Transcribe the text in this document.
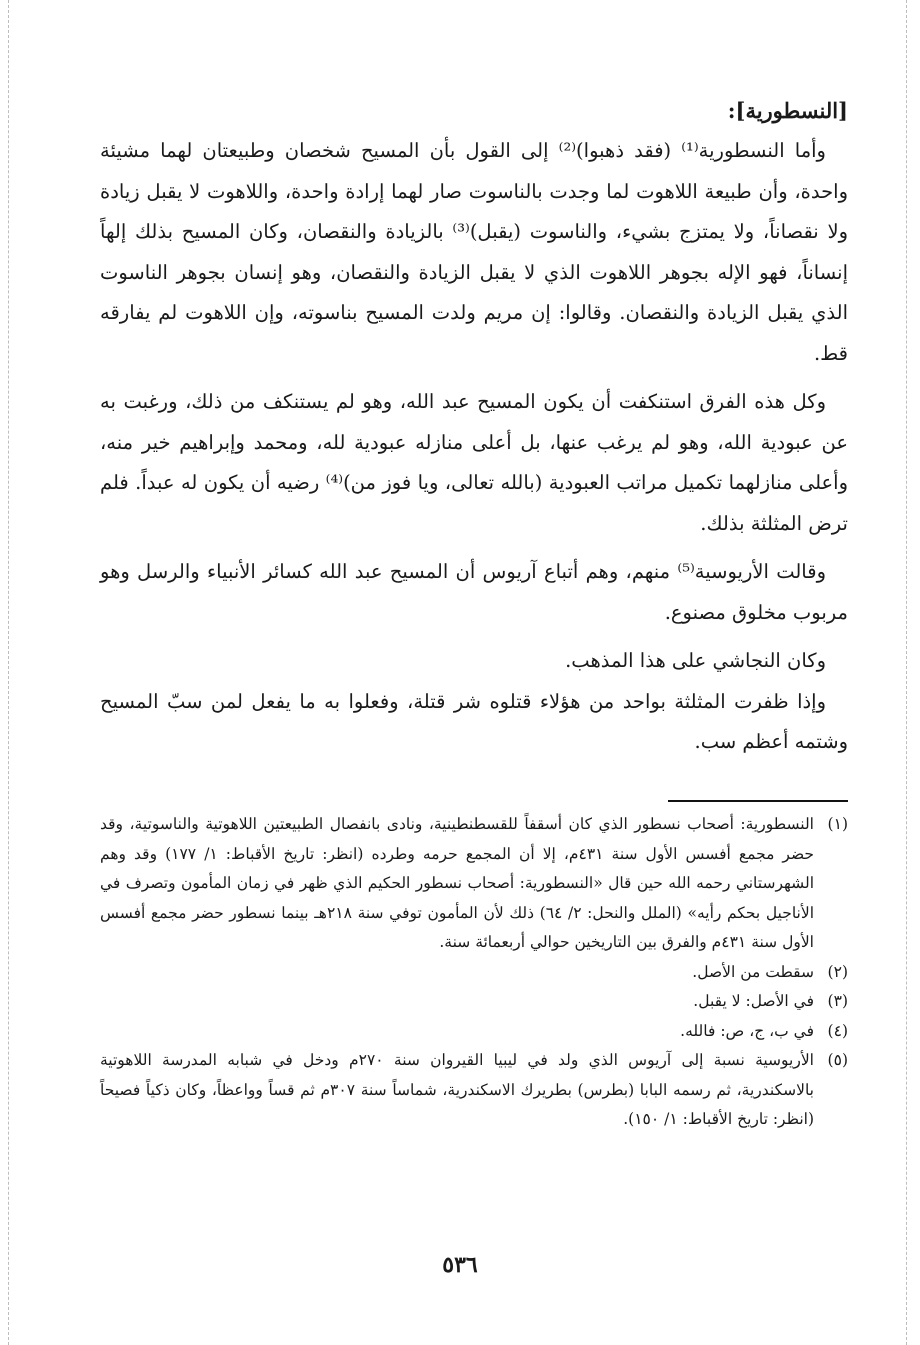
[النسطورية]:

وأما النسطورية⁽¹⁾ (فقد ذهبوا)⁽²⁾ إلى القول بأن المسيح شخصان وطبيعتان لهما مشيئة واحدة، وأن طبيعة اللاهوت لما وجدت بالناسوت صار لهما إرادة واحدة، واللاهوت لا يقبل زيادة ولا نقصاناً، ولا يمتزج بشيء، والناسوت (يقبل)⁽³⁾ بالزيادة والنقصان، وكان المسيح بذلك إلهاً إنساناً، فهو الإله بجوهر اللاهوت الذي لا يقبل الزيادة والنقصان، وهو إنسان بجوهر الناسوت الذي يقبل الزيادة والنقصان. وقالوا: إن مريم ولدت المسيح بناسوته، وإن اللاهوت لم يفارقه قط.

وكل هذه الفرق استنكفت أن يكون المسيح عبد الله، وهو لم يستنكف من ذلك، ورغبت به عن عبودية الله، وهو لم يرغب عنها، بل أعلى منازله عبودية لله، ومحمد وإبراهيم خير منه، وأعلى منازلهما تكميل مراتب العبودية (بالله تعالى، ويا فوز من)⁽⁴⁾ رضيه أن يكون له عبداً. فلم ترض المثلثة بذلك.

وقالت الأريوسية⁽⁵⁾ منهم، وهم أتباع آريوس أن المسيح عبد الله كسائر الأنبياء والرسل وهو مربوب مخلوق مصنوع.

وكان النجاشي على هذا المذهب.

وإذا ظفرت المثلثة بواحد من هؤلاء قتلوه شر قتلة، وفعلوا به ما يفعل لمن سبّ المسيح وشتمه أعظم سب.

(١)
النسطورية: أصحاب نسطور الذي كان أسقفاً للقسطنطينية، ونادى بانفصال الطبيعتين اللاهوتية والناسوتية، وقد حضر مجمع أفسس الأول سنة ٤٣١م، إلا أن المجمع حرمه وطرده (انظر: تاريخ الأقباط: ١/ ١٧٧) وقد وهم الشهرستاني رحمه الله حين قال «النسطورية: أصحاب نسطور الحكيم الذي ظهر في زمان المأمون وتصرف في الأناجيل بحكم رأيه» (الملل والنحل: ٢/ ٦٤) ذلك لأن المأمون توفي سنة ٢١٨هـ بينما نسطور حضر مجمع أفسس الأول سنة ٤٣١م والفرق بين التاريخين حوالي أربعمائة سنة.
(٢)
سقطت من الأصل.
(٣)
في الأصل: لا يقبل.
(٤)
في ب، ج، ص: فالله.
(٥)
الأريوسية نسبة إلى آريوس الذي ولد في ليبيا القيروان سنة ٢٧٠م ودخل في شبابه المدرسة اللاهوتية بالاسكندرية، ثم رسمه البابا (بطرس) بطريرك الاسكندرية، شماساً سنة ٣٠٧م ثم قساً وواعظاً، وكان ذكياً فصيحاً (انظر: تاريخ الأقباط: ١/ ١٥٠).
٥٣٦
